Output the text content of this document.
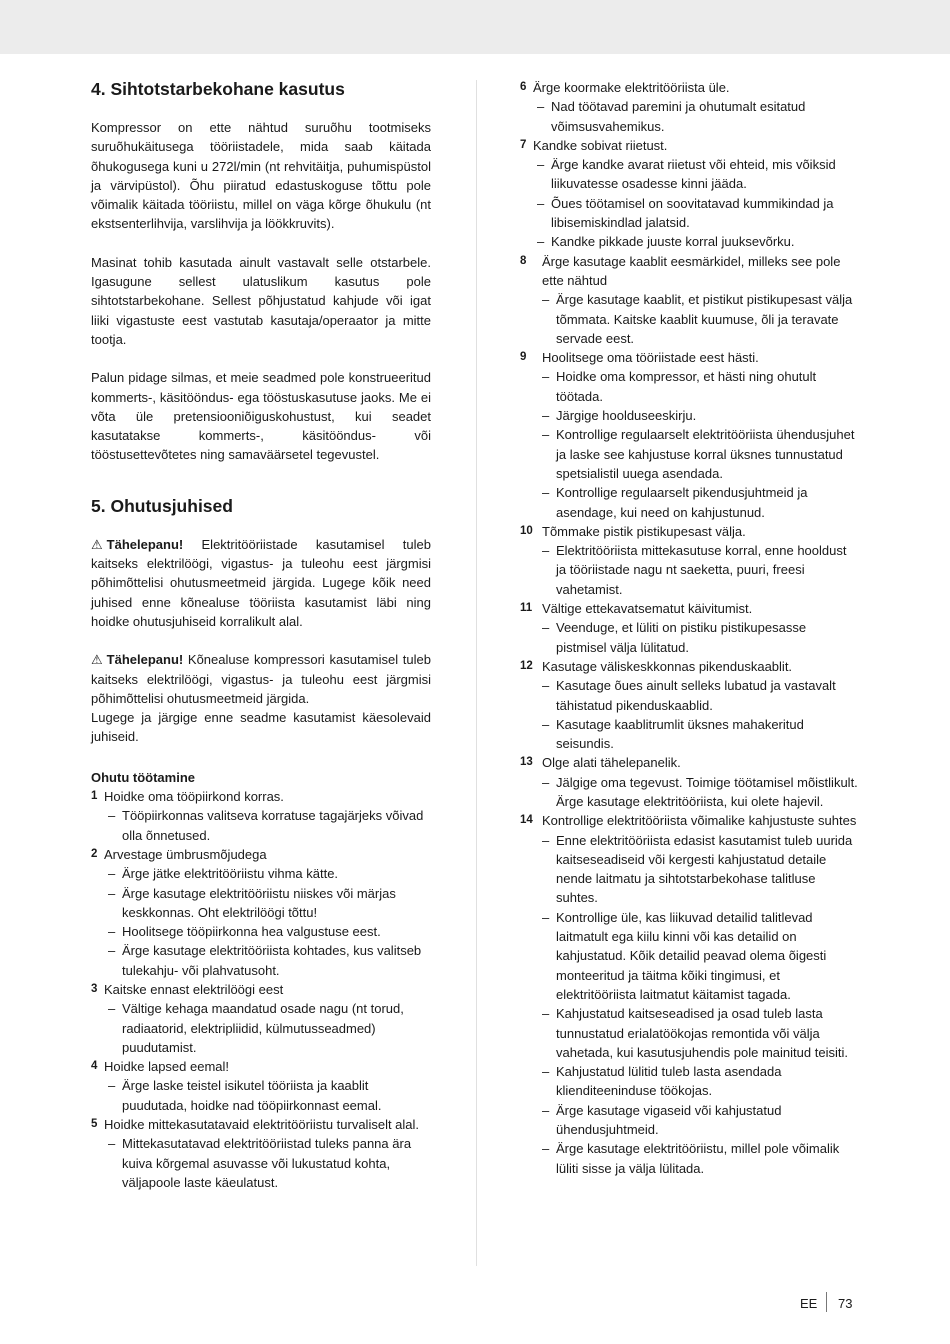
4. Sihtotstarbekohane kasutus

Kompressor on ette nähtud suruõhu tootmiseks suruõhukäitusega tööriistadele, mida saab käitada õhukogusega kuni u 272l/min (nt rehvitäitja, puhumispüstol ja värvipüstol). Õhu piiratud edastuskoguse tõttu pole võimalik käitada tööriistu, millel on väga kõrge õhukulu (nt ekstsenterlihvija, varslihvija ja löökkruvits).

Masinat tohib kasutada ainult vastavalt selle otstarbele. Igasugune sellest ulatuslikum kasutus pole sihtotstarbekohane. Sellest põhjustatud kahjude või igat liiki vigastuste eest vastutab kasutaja/operaator ja mitte tootja.

Palun pidage silmas, et meie seadmed pole konstrueeritud kommerts-, käsitööndus- ega tööstuskasutuse jaoks. Me ei võta üle pretensiooniõiguskohustust, kui seadet kasutatakse kommerts-, käsitööndus- või tööstusettevõtetes ning samaväärsetel tegevustel.

5. Ohutusjuhised

⚠ Tähelepanu! Elektritööriistade kasutamisel tuleb kaitseks elektrilöögi, vigastus- ja tuleohu eest järgmisi põhimõttelisi ohutusmeetmeid järgida. Lugege kõik need juhised enne kõnealuse tööriista kasutamist läbi ning hoidke ohutusjuhiseid korralikult alal.

⚠ Tähelepanu! Kõnealuse kompressori kasutamisel tuleb kaitseks elektrilöögi, vigastus- ja tuleohu eest järgmisi põhimõttelisi ohutusmeetmeid järgida.

Lugege ja järgige enne seadme kasutamist käesolevaid juhiseid.

Ohutu töötamine
1 Hoidke oma tööpiirkond korras.
– Tööpiirkonnas valitseva korratuse tagajärjeks võivad olla õnnetused.
2 Arvestage ümbrusmõjudega
– Ärge jätke elektritööriistu vihma kätte.
– Ärge kasutage elektritööriistu niiskes või märjas keskkonnas. Oht elektrilöögi tõttu!
– Hoolitsege tööpiirkonna hea valgustuse eest.
– Ärge kasutage elektritööriista kohtades, kus valitseb tulekahju- või plahvatusoht.
3 Kaitske ennast elektrilöögi eest
– Vältige kehaga maandatud osade nagu (nt torud, radiaatorid, elektripliidid, külmutusseadmed) puudutamist.
4 Hoidke lapsed eemal!
– Ärge laske teistel isikutel tööriista ja kaablit puudutada, hoidke nad tööpiirkonnast eemal.
5 Hoidke mittekasutatavaid elektritööriistu turvaliselt alal.
– Mittekasutatavad elektritööriistad tuleks panna ära kuiva kõrgemal asuvasse või lukustatud kohta, väljapoole laste käeulatust.
6 Ärge koormake elektritööriista üle.
– Nad töötavad paremini ja ohutumalt esitatud võimsusvahemikus.
7 Kandke sobivat riietust.
– Ärge kandke avarat riietust või ehteid, mis võiksid liikuvatesse osadesse kinni jääda.
– Õues töötamisel on soovitatavad kummikindad ja libisemiskindlad jalatsid.
– Kandke pikkade juuste korral juuksevõrku.
8	Ärge kasutage kaablit eesmärkidel, milleks see pole ette nähtud
– Ärge kasutage kaablit, et pistikut pistikupesast välja tõmmata. Kaitske kaablit kuumuse, õli ja teravate servade eest.
9	Hoolitsege oma tööriistade eest hästi.
– Hoidke oma kompressor, et hästi ning ohutult töötada.
– Järgige hoolduseeskirju.
– Kontrollige regulaarselt elektritööriista ühendusjuhet ja laske see kahjustuse korral üksnes tunnustatud spetsialistil uuega asendada.
– Kontrollige regulaarselt pikendusjuhtmeid ja asendage, kui need on kahjustunud.
10 Tõmmake pistik pistikupesast välja.
– Elektritööriista mittekasutuse korral, enne hooldust ja tööriistade nagu nt saeketta, puuri, freesi vahetamist.
11 Vältige ettekavatsematut käivitumist.
– Veenduge, et lüliti on pistiku pistikupesasse pistmisel välja lülitatud.
12 Kasutage väliskeskkonnas pikenduskaablit.
– Kasutage õues ainult selleks lubatud ja vastavalt tähistatud pikenduskaablid.
– Kasutage kaablitrumlit üksnes mahakeritud seisundis.
13 Olge alati tähelepanelik.
– Jälgige oma tegevust. Toimige töötamisel mõistlikult. Ärge kasutage elektritööriista, kui olete hajevil.
14 Kontrollige elektritööriista võimalike kahjustuste suhtes
– Enne elektritööriista edasist kasutamist tuleb uurida kaitseseadiseid või kergesti kahjustatud detaile nende laitmatu ja sihtotstarbekohase talitluse suhtes.
– Kontrollige üle, kas liikuvad detailid talitlevad laitmatult ega kiilu kinni või kas detailid on kahjustatud. Kõik detailid peavad olema õigesti monteeritud ja täitma kõiki tingimusi, et elektritööriista laitmatut käitamist tagada.
– Kahjustatud kaitseseadised ja osad tuleb lasta tunnustatud erialatöökojas remontida või välja vahetada, kui kasutusjuhendis pole mainitud teisiti.
– Kahjustatud lülitid tuleb lasta asendada klienditeeninduse töökojas.
– Ärge kasutage vigaseid või kahjustatud ühendusjuhtmeid.
– Ärge kasutage elektritööriistu, millel pole võimalik lüliti sisse ja välja lülitada.
EE 73
